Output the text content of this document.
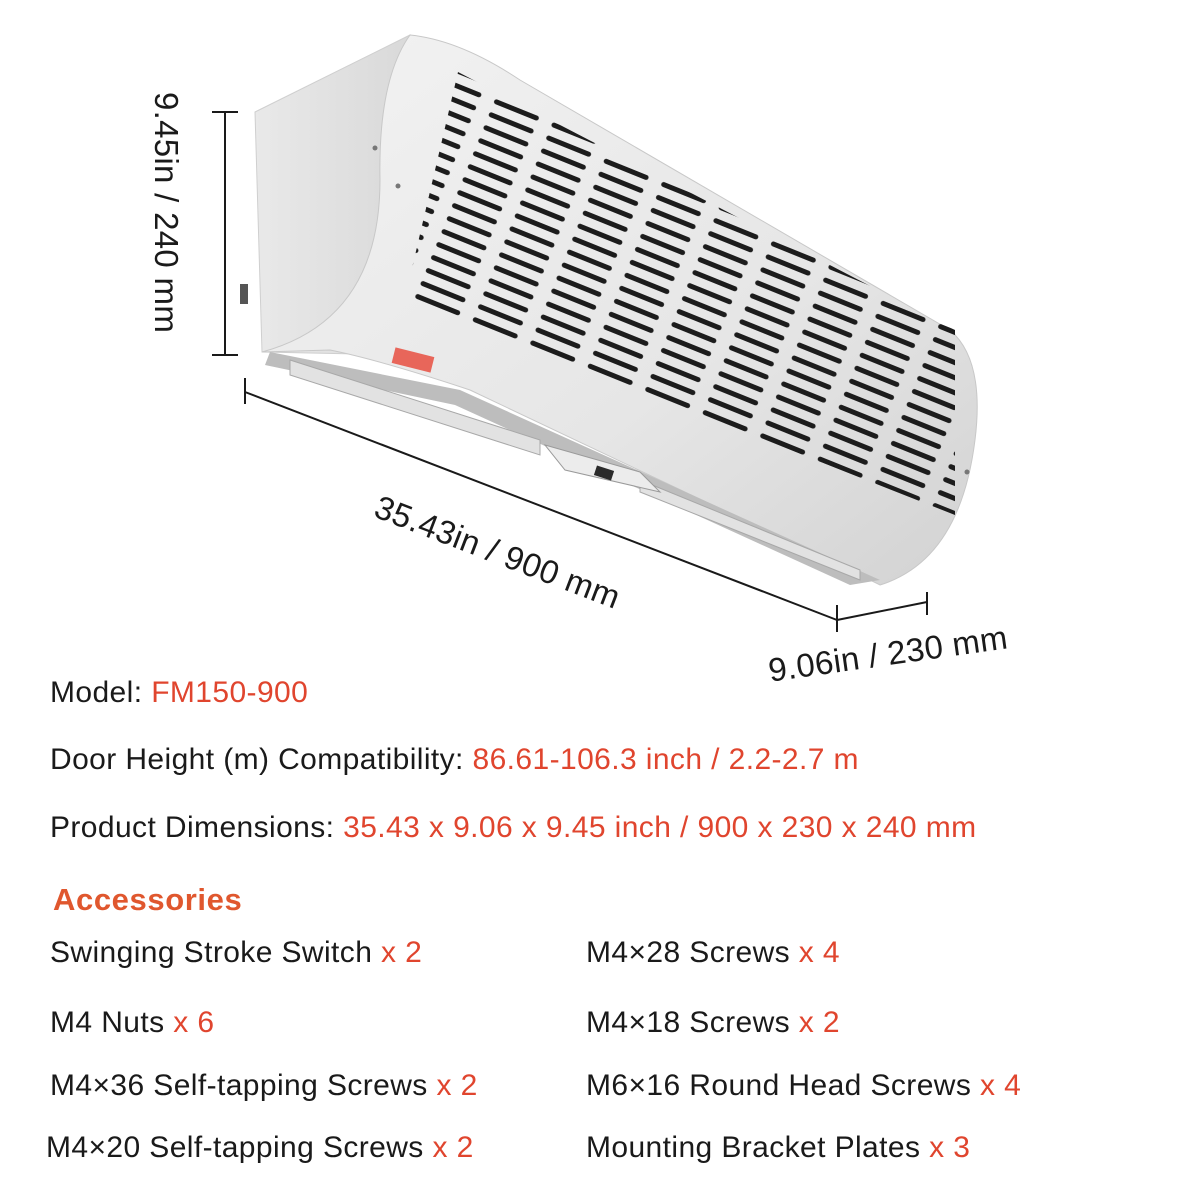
9.45in / 240 mm
35.43in / 900 mm
9.06in / 230 mm
Model: FM150-900
Door Height (m) Compatibility: 86.61-106.3 inch / 2.2-2.7 m
Product Dimensions: 35.43 x 9.06 x 9.45 inch / 900 x 230 x 240 mm
Accessories
Swinging Stroke Switch x 2	M4×28 Screws x 4
M4 Nuts x 6	M4×18 Screws x 2
M4×36 Self-tapping Screws x 2	M6×16 Round Head Screws x 4
M4×20 Self-tapping Screws x 2	Mounting Bracket Plates x 3
